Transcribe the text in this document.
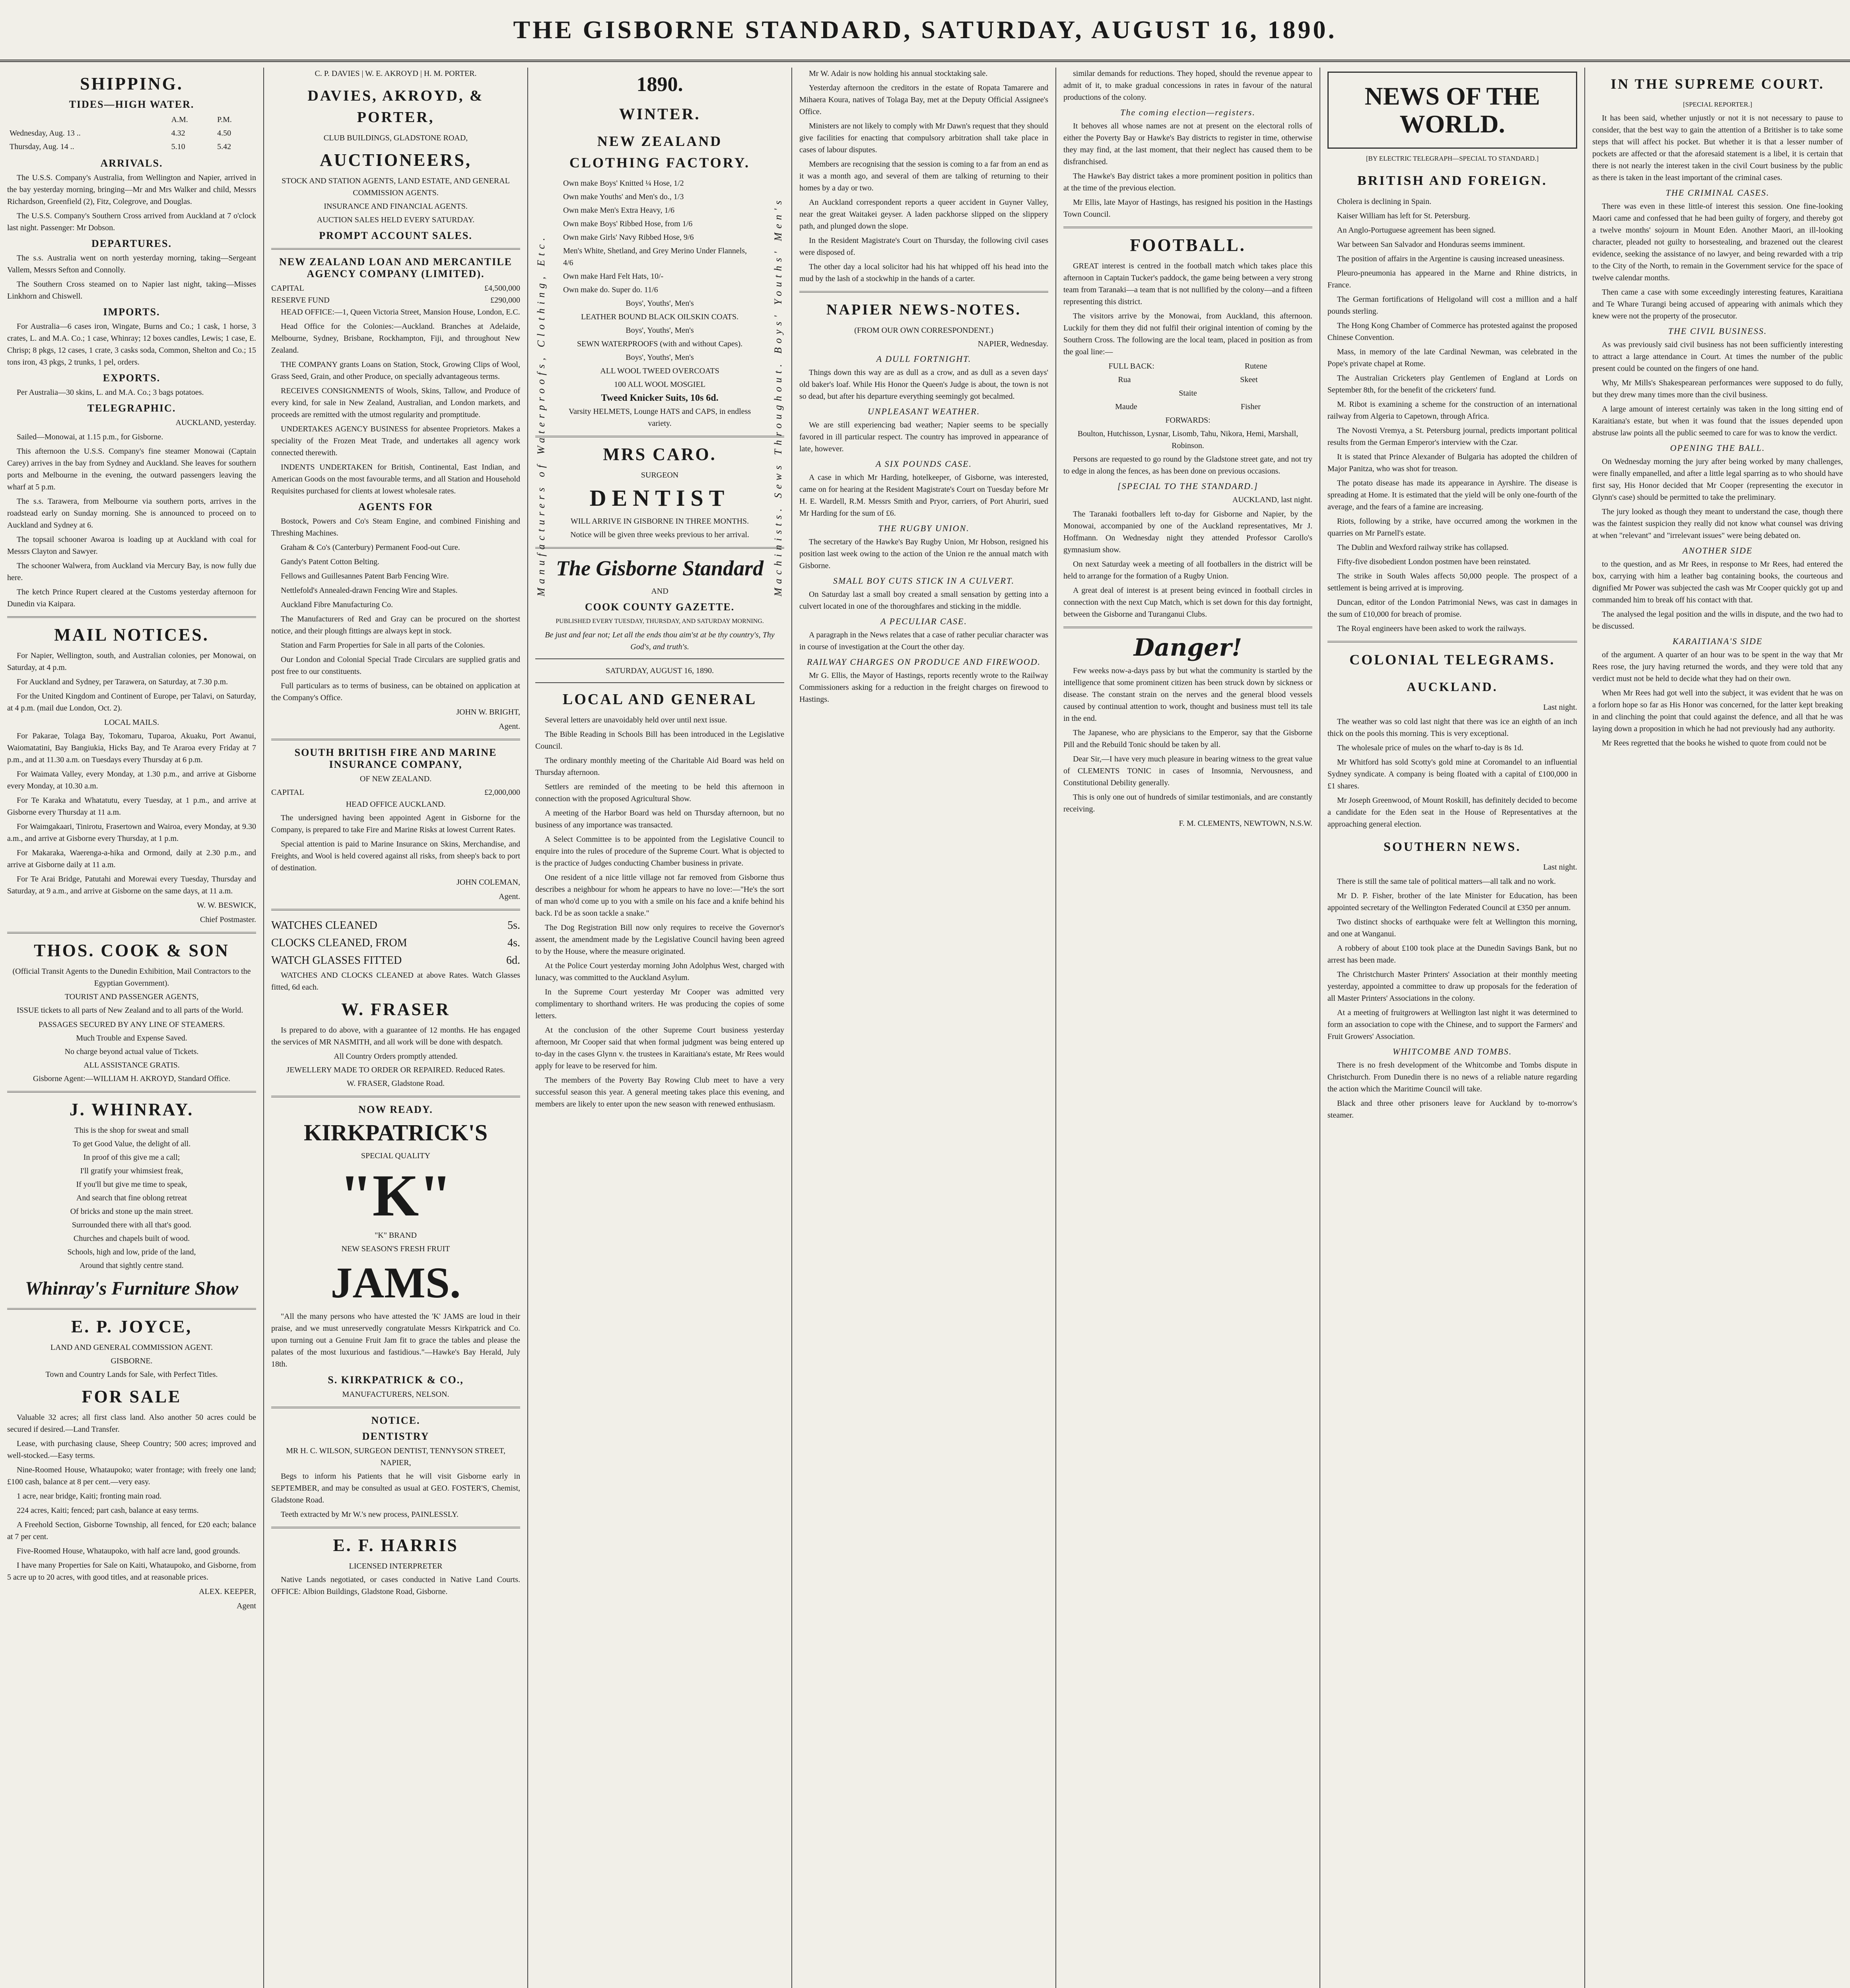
THE GISBORNE STANDARD, SATURDAY, AUGUST 16, 1890.
SHIPPING.
TIDES—HIGH WATER.
	A.M.	P.M.
Wednesday, Aug. 13 ..	4.32	4.50
Thursday, Aug. 14 ..	5.10	5.42
ARRIVALS.

The U.S.S. Company's Australia, from Wellington and Napier, arrived in the bay yesterday morning, bringing—Mr and Mrs Walker and child, Messrs Richardson, Greenfield (2), Fitz, Colegrove, and Douglas.

The U.S.S. Company's Southern Cross arrived from Auckland at 7 o'clock last night. Passenger: Mr Dobson.

DEPARTURES.

The s.s. Australia went on north yesterday morning, taking—Sergeant Vallem, Messrs Sefton and Connolly.

The Southern Cross steamed on to Napier last night, taking—Misses Linkhorn and Chiswell.

IMPORTS.

For Australia—6 cases iron, Wingate, Burns and Co.; 1 cask, 1 horse, 3 crates, L. and M.A. Co.; 1 case, Whinray; 12 boxes candles, Lewis; 1 case, E. Chrisp; 8 pkgs, 12 cases, 1 crate, 3 casks soda, Common, Shelton and Co.; 15 tons iron, 43 pkgs, 2 trunks, 1 pel, orders.

EXPORTS.

Per Australia—30 skins, L. and M.A. Co.; 3 bags potatoes.

TELEGRAPHIC.

AUCKLAND, yesterday.

Sailed—Monowai, at 1.15 p.m., for Gisborne.

This afternoon the U.S.S. Company's fine steamer Monowai (Captain Carey) arrives in the bay from Sydney and Auckland. She leaves for southern ports and Melbourne in the evening, the outward passengers leaving the wharf at 5 p.m.

The s.s. Tarawera, from Melbourne via southern ports, arrives in the roadstead early on Sunday morning. She is announced to proceed on to Auckland and Sydney at 6.

The topsail schooner Awaroa is loading up at Auckland with coal for Messrs Clayton and Sawyer.

The schooner Walwera, from Auckland via Mercury Bay, is now fully due here.

The ketch Prince Rupert cleared at the Customs yesterday afternoon for Dunedin via Kaipara.

MAIL NOTICES.

For Napier, Wellington, south, and Australian colonies, per Monowai, on Saturday, at 4 p.m.

For Auckland and Sydney, per Tarawera, on Saturday, at 7.30 p.m.

For the United Kingdom and Continent of Europe, per Talavi, on Saturday, at 4 p.m. (mail due London, Oct. 2).

LOCAL MAILS.

For Pakarae, Tolaga Bay, Tokomaru, Tuparoa, Akuaku, Port Awanui, Waiomatatini, Bay Bangiukia, Hicks Bay, and Te Araroa every Friday at 7 p.m., and at 11.30 a.m. on Tuesdays every Thursday at 6 p.m.

For Waimata Valley, every Monday, at 1.30 p.m., and arrive at Gisborne every Monday, at 10.30 a.m.

For Te Karaka and Whatatutu, every Tuesday, at 1 p.m., and arrive at Gisborne every Thursday at 11 a.m.

For Waimgakaari, Tinirotu, Frasertown and Wairoa, every Monday, at 9.30 a.m., and arrive at Gisborne every Thursday, at 1 p.m.

For Makaraka, Waerenga-a-hika and Ormond, daily at 2.30 p.m., and arrive at Gisborne daily at 11 a.m.

For Te Arai Bridge, Patutahi and Morewai every Tuesday, Thursday and Saturday, at 9 a.m., and arrive at Gisborne on the same days, at 11 a.m.

W. W. BESWICK,

Chief Postmaster.

THOS. COOK & SON

(Official Transit Agents to the Dunedin Exhibition, Mail Contractors to the Egyptian Government).

TOURIST AND PASSENGER AGENTS,

ISSUE tickets to all parts of New Zealand and to all parts of the World.

PASSAGES SECURED BY ANY LINE OF STEAMERS.

Much Trouble and Expense Saved.

No charge beyond actual value of Tickets.

ALL ASSISTANCE GRATIS.

Gisborne Agent:—WILLIAM H. AKROYD, Standard Office.

J. WHINRAY.

This is the shop for sweat and small

To get Good Value, the delight of all.

In proof of this give me a call;

I'll gratify your whimsiest freak,

If you'll but give me time to speak,

And search that fine oblong retreat

Of bricks and stone up the main street.

Surrounded there with all that's good.

Churches and chapels built of wood.

Schools, high and low, pride of the land,

Around that sightly centre stand.

Whinray's Furniture Show
E. P. JOYCE,

LAND AND GENERAL COMMISSION AGENT.

GISBORNE.

Town and Country Lands for Sale, with Perfect Titles.

FOR SALE

Valuable 32 acres; all first class land. Also another 50 acres could be secured if desired.—Land Transfer.

Lease, with purchasing clause, Sheep Country; 500 acres; improved and well-stocked.—Easy terms.

Nine-Roomed House, Whataupoko; water frontage; with freely one land; £100 cash, balance at 8 per cent.—very easy.

1 acre, near bridge, Kaiti; fronting main road.

224 acres, Kaiti; fenced; part cash, balance at easy terms.

A Freehold Section, Gisborne Township, all fenced, for £20 each; balance at 7 per cent.

Five-Roomed House, Whataupoko, with half acre land, good grounds.

I have many Properties for Sale on Kaiti, Whataupoko, and Gisborne, from 5 acre up to 20 acres, with good titles, and at reasonable prices.

ALEX. KEEPER,

Agent

C. P. DAVIES | W. E. AKROYD | H. M. PORTER.

DAVIES, AKROYD, & PORTER,

CLUB BUILDINGS, GLADSTONE ROAD,

AUCTIONEERS,

STOCK AND STATION AGENTS, LAND ESTATE, AND GENERAL COMMISSION AGENTS.

INSURANCE AND FINANCIAL AGENTS.

AUCTION SALES HELD EVERY SATURDAY.

PROMPT ACCOUNT SALES.
NEW ZEALAND LOAN AND MERCANTILE AGENCY COMPANY (LIMITED).
CAPITAL	£4,500,000
RESERVE FUND	£290,000

HEAD OFFICE:—1, Queen Victoria Street, Mansion House, London, E.C.

Head Office for the Colonies:—Auckland. Branches at Adelaide, Melbourne, Sydney, Brisbane, Rockhampton, Fiji, and throughout New Zealand.

THE COMPANY grants Loans on Station, Stock, Growing Clips of Wool, Grass Seed, Grain, and other Produce, on specially advantageous terms.

RECEIVES CONSIGNMENTS of Wools, Skins, Tallow, and Produce of every kind, for sale in New Zealand, Australian, and London markets, and proceeds are remitted with the utmost regularity and promptitude.

UNDERTAKES AGENCY BUSINESS for absentee Proprietors. Makes a speciality of the Frozen Meat Trade, and undertakes all agency work connected therewith.

INDENTS UNDERTAKEN for British, Continental, East Indian, and American Goods on the most favourable terms, and all Station and Household Requisites purchased for clients at lowest wholesale rates.

AGENTS FOR

Bostock, Powers and Co's Steam Engine, and combined Finishing and Threshing Machines.

Graham & Co's (Canterbury) Permanent Food-out Cure.

Gandy's Patent Cotton Belting.

Fellows and Guillesannes Patent Barb Fencing Wire.

Nettlefold's Annealed-drawn Fencing Wire and Staples.

Auckland Fibre Manufacturing Co.

The Manufacturers of Red and Gray can be procured on the shortest notice, and their plough fittings are always kept in stock.

Station and Farm Properties for Sale in all parts of the Colonies.

Our London and Colonial Special Trade Circulars are supplied gratis and post free to our constituents.

Full particulars as to terms of business, can be obtained on application at the Company's Office.

JOHN W. BRIGHT,

Agent.

SOUTH BRITISH FIRE AND MARINE INSURANCE COMPANY,

OF NEW ZEALAND.

CAPITAL	£2,000,000

HEAD OFFICE AUCKLAND.

The undersigned having been appointed Agent in Gisborne for the Company, is prepared to take Fire and Marine Risks at lowest Current Rates.

Special attention is paid to Marine Insurance on Skins, Merchandise, and Freights, and Wool is held covered against all risks, from sheep's back to port of destination.

JOHN COLEMAN,

Agent.

WATCHES CLEANED	5s.
CLOCKS CLEANED, FROM	4s.
WATCH GLASSES FITTED	6d.

WATCHES AND CLOCKS CLEANED at above Rates. Watch Glasses fitted, 6d each.

W. FRASER

Is prepared to do above, with a guarantee of 12 months. He has engaged the services of MR NASMITH, and all work will be done with despatch.

All Country Orders promptly attended.

JEWELLERY MADE TO ORDER OR REPAIRED. Reduced Rates.

W. FRASER, Gladstone Road.

NOW READY.
KIRKPATRICK'S

SPECIAL QUALITY

"K"

"K" BRAND

NEW SEASON'S FRESH FRUIT

JAMS.

"All the many persons who have attested the 'K' JAMS are loud in their praise, and we must unreservedly congratulate Messrs Kirkpatrick and Co. upon turning out a Genuine Fruit Jam fit to grace the tables and please the palates of the most luxurious and fastidious."—Hawke's Bay Herald, July 18th.

S. KIRKPATRICK & CO.,

MANUFACTURERS, NELSON.

NOTICE.
DENTISTRY

MR H. C. WILSON, SURGEON DENTIST, TENNYSON STREET, NAPIER,

Begs to inform his Patients that he will visit Gisborne early in SEPTEMBER, and may be consulted as usual at GEO. FOSTER'S, Chemist, Gladstone Road.

Teeth extracted by Mr W.'s new process, PAINLESSLY.

E. F. HARRIS

LICENSED INTERPRETER

Native Lands negotiated, or cases conducted in Native Land Courts. OFFICE: Albion Buildings, Gladstone Road, Gisborne.

Manufacturers of Waterproofs, Clothing, Etc.	Machinists. Sews Throughout. Boys' Youths' Men's
1890.
WINTER.
NEW ZEALAND CLOTHING FACTORY.

Own make Boys' Knitted ¼ Hose, 1/2

Own make Youths' and Men's do., 1/3

Own make Men's Extra Heavy, 1/6

Own make Boys' Ribbed Hose, from 1/6

Own make Girls' Navy Ribbed Hose, 9/6

Men's White, Shetland, and Grey Merino Under Flannels, 4/6

Own make Hard Felt Hats, 10/-

Own make do. Super do. 11/6

Boys', Youths', Men's

LEATHER BOUND BLACK OILSKIN COATS.

Boys', Youths', Men's

SEWN WATERPROOFS (with and without Capes).

Boys', Youths', Men's

ALL WOOL TWEED OVERCOATS

100 ALL WOOL MOSGIEL

Tweed Knicker Suits, 10s 6d.

Varsity HELMETS, Lounge HATS and CAPS, in endless variety.

MRS CARO.

SURGEON

DENTIST

WILL ARRIVE IN GISBORNE IN THREE MONTHS.

Notice will be given three weeks previous to her arrival.

The Gisborne Standard

AND

COOK COUNTY GAZETTE.

PUBLISHED EVERY TUESDAY, THURSDAY, AND SATURDAY MORNING.

Be just and fear not; Let all the ends thou aim'st at be thy country's, Thy God's, and truth's.

SATURDAY, AUGUST 16, 1890.

LOCAL AND GENERAL

Several letters are unavoidably held over until next issue.

The Bible Reading in Schools Bill has been introduced in the Legislative Council.

The ordinary monthly meeting of the Charitable Aid Board was held on Thursday afternoon.

Settlers are reminded of the meeting to be held this afternoon in connection with the proposed Agricultural Show.

A meeting of the Harbor Board was held on Thursday afternoon, but no business of any importance was transacted.

A Select Committee is to be appointed from the Legislative Council to enquire into the rules of procedure of the Supreme Court. What is objected to is the practice of Judges conducting Chamber business in private.

One resident of a nice little village not far removed from Gisborne thus describes a neighbour for whom he appears to have no love:—"He's the sort of man who'd come up to you with a smile on his face and a knife behind his back. I'd be as soon tackle a snake."

The Dog Registration Bill now only requires to receive the Governor's assent, the amendment made by the Legislative Council having been agreed to by the House, where the measure originated.

At the Police Court yesterday morning John Adolphus West, charged with lunacy, was committed to the Auckland Asylum.

In the Supreme Court yesterday Mr Cooper was admitted very complimentary to shorthand writers. He was producing the copies of some letters.

At the conclusion of the other Supreme Court business yesterday afternoon, Mr Cooper said that when formal judgment was being entered up to-day in the cases Glynn v. the trustees in Karaitiana's estate, Mr Rees would apply for leave to be reserved for him.

The members of the Poverty Bay Rowing Club meet to have a very successful season this year. A general meeting takes place this evening, and members are likely to enter upon the new season with renewed enthusiasm.

Mr W. Adair is now holding his annual stocktaking sale.

Yesterday afternoon the creditors in the estate of Ropata Tamarere and Mihaera Koura, natives of Tolaga Bay, met at the Deputy Official Assignee's Office.

Ministers are not likely to comply with Mr Dawn's request that they should give facilities for enacting that compulsory arbitration shall take place in cases of labour disputes.

Members are recognising that the session is coming to a far from an end as it was a month ago, and several of them are talking of returning to their homes by a day or two.

An Auckland correspondent reports a queer accident in Guyner Valley, near the great Waitakei geyser. A laden packhorse slipped on the slippery path, and plunged down the slope.

In the Resident Magistrate's Court on Thursday, the following civil cases were disposed of.

The other day a local solicitor had his hat whipped off his head into the mud by the lash of a stockwhip in the hands of a carter.

NAPIER NEWS-NOTES.

(FROM OUR OWN CORRESPONDENT.)

NAPIER, Wednesday.

A DULL FORTNIGHT.

Things down this way are as dull as a crow, and as dull as a seven days' old baker's loaf. While His Honor the Queen's Judge is about, the town is not so dead, but after his departure everything seemingly got becalmed.

UNPLEASANT WEATHER.

We are still experiencing bad weather; Napier seems to be specially favored in ill particular respect. The country has improved in appearance of late, however.

A SIX POUNDS CASE.

A case in which Mr Harding, hotelkeeper, of Gisborne, was interested, came on for hearing at the Resident Magistrate's Court on Tuesday before Mr H. E. Wardell, R.M. Messrs Smith and Pryor, carriers, of Port Ahuriri, sued Mr Harding for the sum of £6.

THE RUGBY UNION.

The secretary of the Hawke's Bay Rugby Union, Mr Hobson, resigned his position last week owing to the action of the Union re the annual match with Gisborne.

SMALL BOY CUTS STICK IN A CULVERT.

On Saturday last a small boy created a small sensation by getting into a culvert located in one of the thoroughfares and sticking in the middle.

A PECULIAR CASE.

A paragraph in the News relates that a case of rather peculiar character was in course of investigation at the Court the other day.

RAILWAY CHARGES ON PRODUCE AND FIREWOOD.

Mr G. Ellis, the Mayor of Hastings, reports recently wrote to the Railway Commissioners asking for a reduction in the freight charges on firewood to Hastings.

similar demands for reductions. They hoped, should the revenue appear to admit of it, to make gradual concessions in rates in favour of the natural productions of the colony.

The coming election—registers.

It behoves all whose names are not at present on the electoral rolls of either the Poverty Bay or Hawke's Bay districts to register in time, otherwise they may find, at the last moment, that their neglect has caused them to be disfranchised.

The Hawke's Bay district takes a more prominent position in politics than at the time of the previous election.

Mr Ellis, late Mayor of Hastings, has resigned his position in the Hastings Town Council.

FOOTBALL.

GREAT interest is centred in the football match which takes place this afternoon in Captain Tucker's paddock, the game being between a very strong team from Taranaki—a team that is not nullified by the colony—and a fifteen representing this district.

The visitors arrive by the Monowai, from Auckland, this afternoon. Luckily for them they did not fulfil their original intention of coming by the Southern Cross. The following are the local team, placed in position as from the goal line:—

FULL BACK:	Rutene
Rua	Skeet
Staite
Maude	Fisher

FORWARDS:

Boulton, Hutchisson, Lysnar, Lisomb, Tahu, Nikora, Hemi, Marshall, Robinson.

Persons are requested to go round by the Gladstone street gate, and not try to edge in along the fences, as has been done on previous occasions.

[SPECIAL TO THE STANDARD.]

AUCKLAND, last night.

The Taranaki footballers left to-day for Gisborne and Napier, by the Monowai, accompanied by one of the Auckland representatives, Mr J. Hoffmann. On Wednesday night they attended Professor Carollo's gymnasium show.

On next Saturday week a meeting of all footballers in the district will be held to arrange for the formation of a Rugby Union.

A great deal of interest is at present being evinced in football circles in connection with the next Cup Match, which is set down for this day fortnight, between the Gisborne and Turanganui Clubs.

Danger!

Few weeks now-a-days pass by but what the community is startled by the intelligence that some prominent citizen has been struck down by sickness or disease. The constant strain on the nerves and the general blood vessels caused by continual attention to work, thought and business must tell its tale in the end.

The Japanese, who are physicians to the Emperor, say that the Gisborne Pill and the Rebuild Tonic should be taken by all.

Dear Sir,—I have very much pleasure in bearing witness to the great value of CLEMENTS TONIC in cases of Insomnia, Nervousness, and Constitutional Debility generally.

This is only one out of hundreds of similar testimonials, and are constantly receiving.

F. M. CLEMENTS, NEWTOWN, N.S.W.

NEWS OF THE WORLD.

[BY ELECTRIC TELEGRAPH—SPECIAL TO STANDARD.]

BRITISH AND FOREIGN.

Cholera is declining in Spain.

Kaiser William has left for St. Petersburg.

An Anglo-Portuguese agreement has been signed.

War between San Salvador and Honduras seems imminent.

The position of affairs in the Argentine is causing increased uneasiness.

Pleuro-pneumonia has appeared in the Marne and Rhine districts, in France.

The German fortifications of Heligoland will cost a million and a half pounds sterling.

The Hong Kong Chamber of Commerce has protested against the proposed Chinese Convention.

Mass, in memory of the late Cardinal Newman, was celebrated in the Pope's private chapel at Rome.

The Australian Cricketers play Gentlemen of England at Lords on September 8th, for the benefit of the cricketers' fund.

M. Ribot is examining a scheme for the construction of an international railway from Algeria to Capetown, through Africa.

The Novosti Vremya, a St. Petersburg journal, predicts important political results from the German Emperor's interview with the Czar.

It is stated that Prince Alexander of Bulgaria has adopted the children of Major Panitza, who was shot for treason.

The potato disease has made its appearance in Ayrshire. The disease is spreading at Home. It is estimated that the yield will be only one-fourth of the average, and the fears of a famine are increasing.

Riots, following by a strike, have occurred among the workmen in the quarries on Mr Parnell's estate.

The Dublin and Wexford railway strike has collapsed.

Fifty-five disobedient London postmen have been reinstated.

The strike in South Wales affects 50,000 people. The prospect of a settlement is being arrived at is improving.

Duncan, editor of the London Patrimonial News, was cast in damages in the sum of £10,000 for breach of promise.

The Royal engineers have been asked to work the railways.

COLONIAL TELEGRAMS.
AUCKLAND.

Last night.

The weather was so cold last night that there was ice an eighth of an inch thick on the pools this morning. This is very exceptional.

The wholesale price of mules on the wharf to-day is 8s 1d.

Mr Whitford has sold Scotty's gold mine at Coromandel to an influential Sydney syndicate. A company is being floated with a capital of £100,000 in £1 shares.

Mr Joseph Greenwood, of Mount Roskill, has definitely decided to become a candidate for the Eden seat in the House of Representatives at the approaching general election.

SOUTHERN NEWS.

Last night.

There is still the same tale of political matters—all talk and no work.

Mr D. P. Fisher, brother of the late Minister for Education, has been appointed secretary of the Wellington Federated Council at £350 per annum.

Two distinct shocks of earthquake were felt at Wellington this morning, and one at Wanganui.

A robbery of about £100 took place at the Dunedin Savings Bank, but no arrest has been made.

The Christchurch Master Printers' Association at their monthly meeting yesterday, appointed a committee to draw up proposals for the federation of all Master Printers' Associations in the colony.

At a meeting of fruitgrowers at Wellington last night it was determined to form an association to cope with the Chinese, and to support the Farmers' and Fruit Growers' Association.

WHITCOMBE AND TOMBS.

There is no fresh development of the Whitcombe and Tombs dispute in Christchurch. From Dunedin there is no news of a reliable nature regarding the action which the Maritime Council will take.

Black and three other prisoners leave for Auckland by to-morrow's steamer.

IN THE SUPREME COURT.

[SPECIAL REPORTER.]

It has been said, whether unjustly or not it is not necessary to pause to consider, that the best way to gain the attention of a Britisher is to take some steps that will affect his pocket. But whether it is that a lesser number of pockets are affected or that the aforesaid statement is a libel, it is certain that there is not nearly the interest taken in the civil Court business by the public as there is taken in the least important of the criminal cases.

THE CRIMINAL CASES.

There was even in these little-of interest this session. One fine-looking Maori came and confessed that he had been guilty of forgery, and thereby got a twelve months' sojourn in Mount Eden. Another Maori, an ill-looking character, pleaded not guilty to horsestealing, and brazened out the clearest evidence, seeking the assistance of no lawyer, and being rewarded with a trip to the City of the North, to remain in the Government service for the space of twelve calendar months.

Then came a case with some exceedingly interesting features, Karaitiana and Te Whare Turangi being accused of appearing with animals which they knew were not the property of the prosecutor.

THE CIVIL BUSINESS.

As was previously said civil business has not been sufficiently interesting to attract a large attendance in Court. At times the number of the public present could be counted on the fingers of one hand.

Why, Mr Mills's Shakespearean performances were supposed to do fully, but they drew many times more than the civil business.

A large amount of interest certainly was taken in the long sitting end of Karaitiana's estate, but when it was found that the issues depended upon abstruse law points all the public seemed to care for was to know the verdict.

OPENING THE BALL.

On Wednesday morning the jury after being worked by many challenges, were finally empanelled, and after a little legal sparring as to who should have first say, His Honor decided that Mr Cooper (representing the executor in Glynn's case) should be permitted to take the preliminary.

The jury looked as though they meant to understand the case, though there was the faintest suspicion they really did not know what counsel was driving at when "relevant" and "irrelevant issues" were being debated on.

ANOTHER SIDE

to the question, and as Mr Rees, in response to Mr Rees, had entered the box, carrying with him a leather bag containing books, the courteous and dignified Mr Power was subjected the cash was Mr Cooper quickly got up and commanded him to break off his contact with that.

The analysed the legal position and the wills in dispute, and the two had to be discussed.

KARAITIANA'S SIDE

of the argument. A quarter of an hour was to be spent in the way that Mr Rees rose, the jury having returned the words, and they were told that any verdict must not be held to decide what they had on their own.

When Mr Rees had got well into the subject, it was evident that he was on a forlorn hope so far as His Honor was concerned, for the latter kept breaking in and clinching the point that could against the defence, and all that he was laying down a proposition in which he had not previously had any authority.

Mr Rees regretted that the books he wished to quote from could not be
